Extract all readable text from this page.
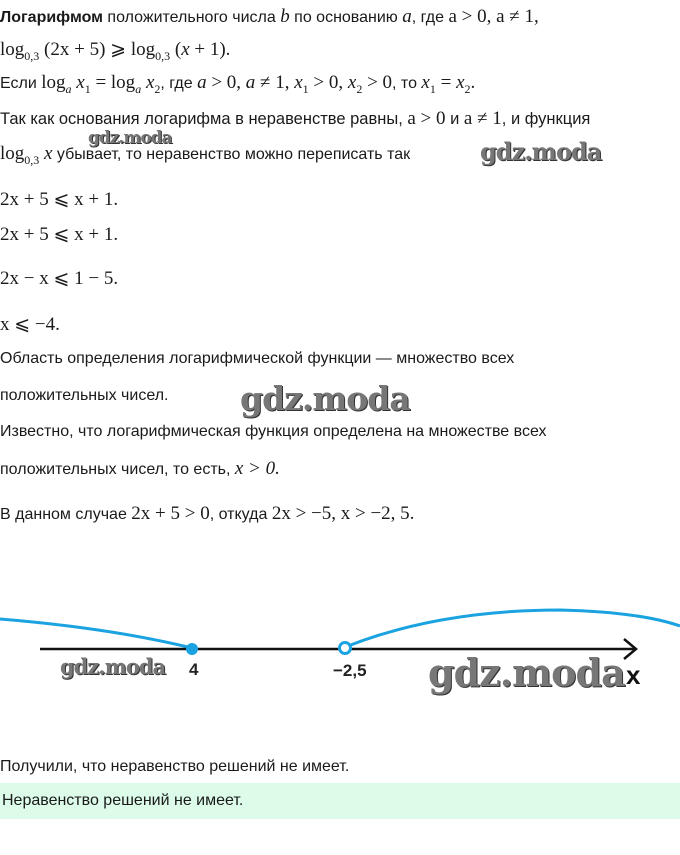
Логарифмом положительного числа b по основанию a, где a > 0, a ≠ 1,
$\log_{0,3} (2x + 5)$ ⩾ $\log_{0,3} (x + 1)$.
Если $\log_a x_1 = \log_a x_2$, где a > 0, a ≠ 1, $x_1 > 0$, $x_2 > 0$, то $x_1 = x_2$.
Так как основания логарифма в неравенстве равны, a > 0 и a ≠ 1, и функция
$\log_{0,3} x$ убывает, то неравенство можно переписать так
2x + 5 ⩽ x + 1.
2x + 5 ⩽ x + 1.
2x − x ⩽ 1 − 5.
x ⩽ −4.
Область определения логарифмической функции — множество всех
положительных чисел.
Известно, что логарифмическая функция определена на множестве всех
положительных чисел, то есть, x > 0.
В данном случае 2x + 5 > 0, откуда 2x > −5, x > −2, 5.
4	−2,5	x
Получили, что неравенство решений не имеет.
Неравенство решений не имеет.
gdz.moda	gdz.moda
gdz.moda
gdz.moda	gdz.moda
